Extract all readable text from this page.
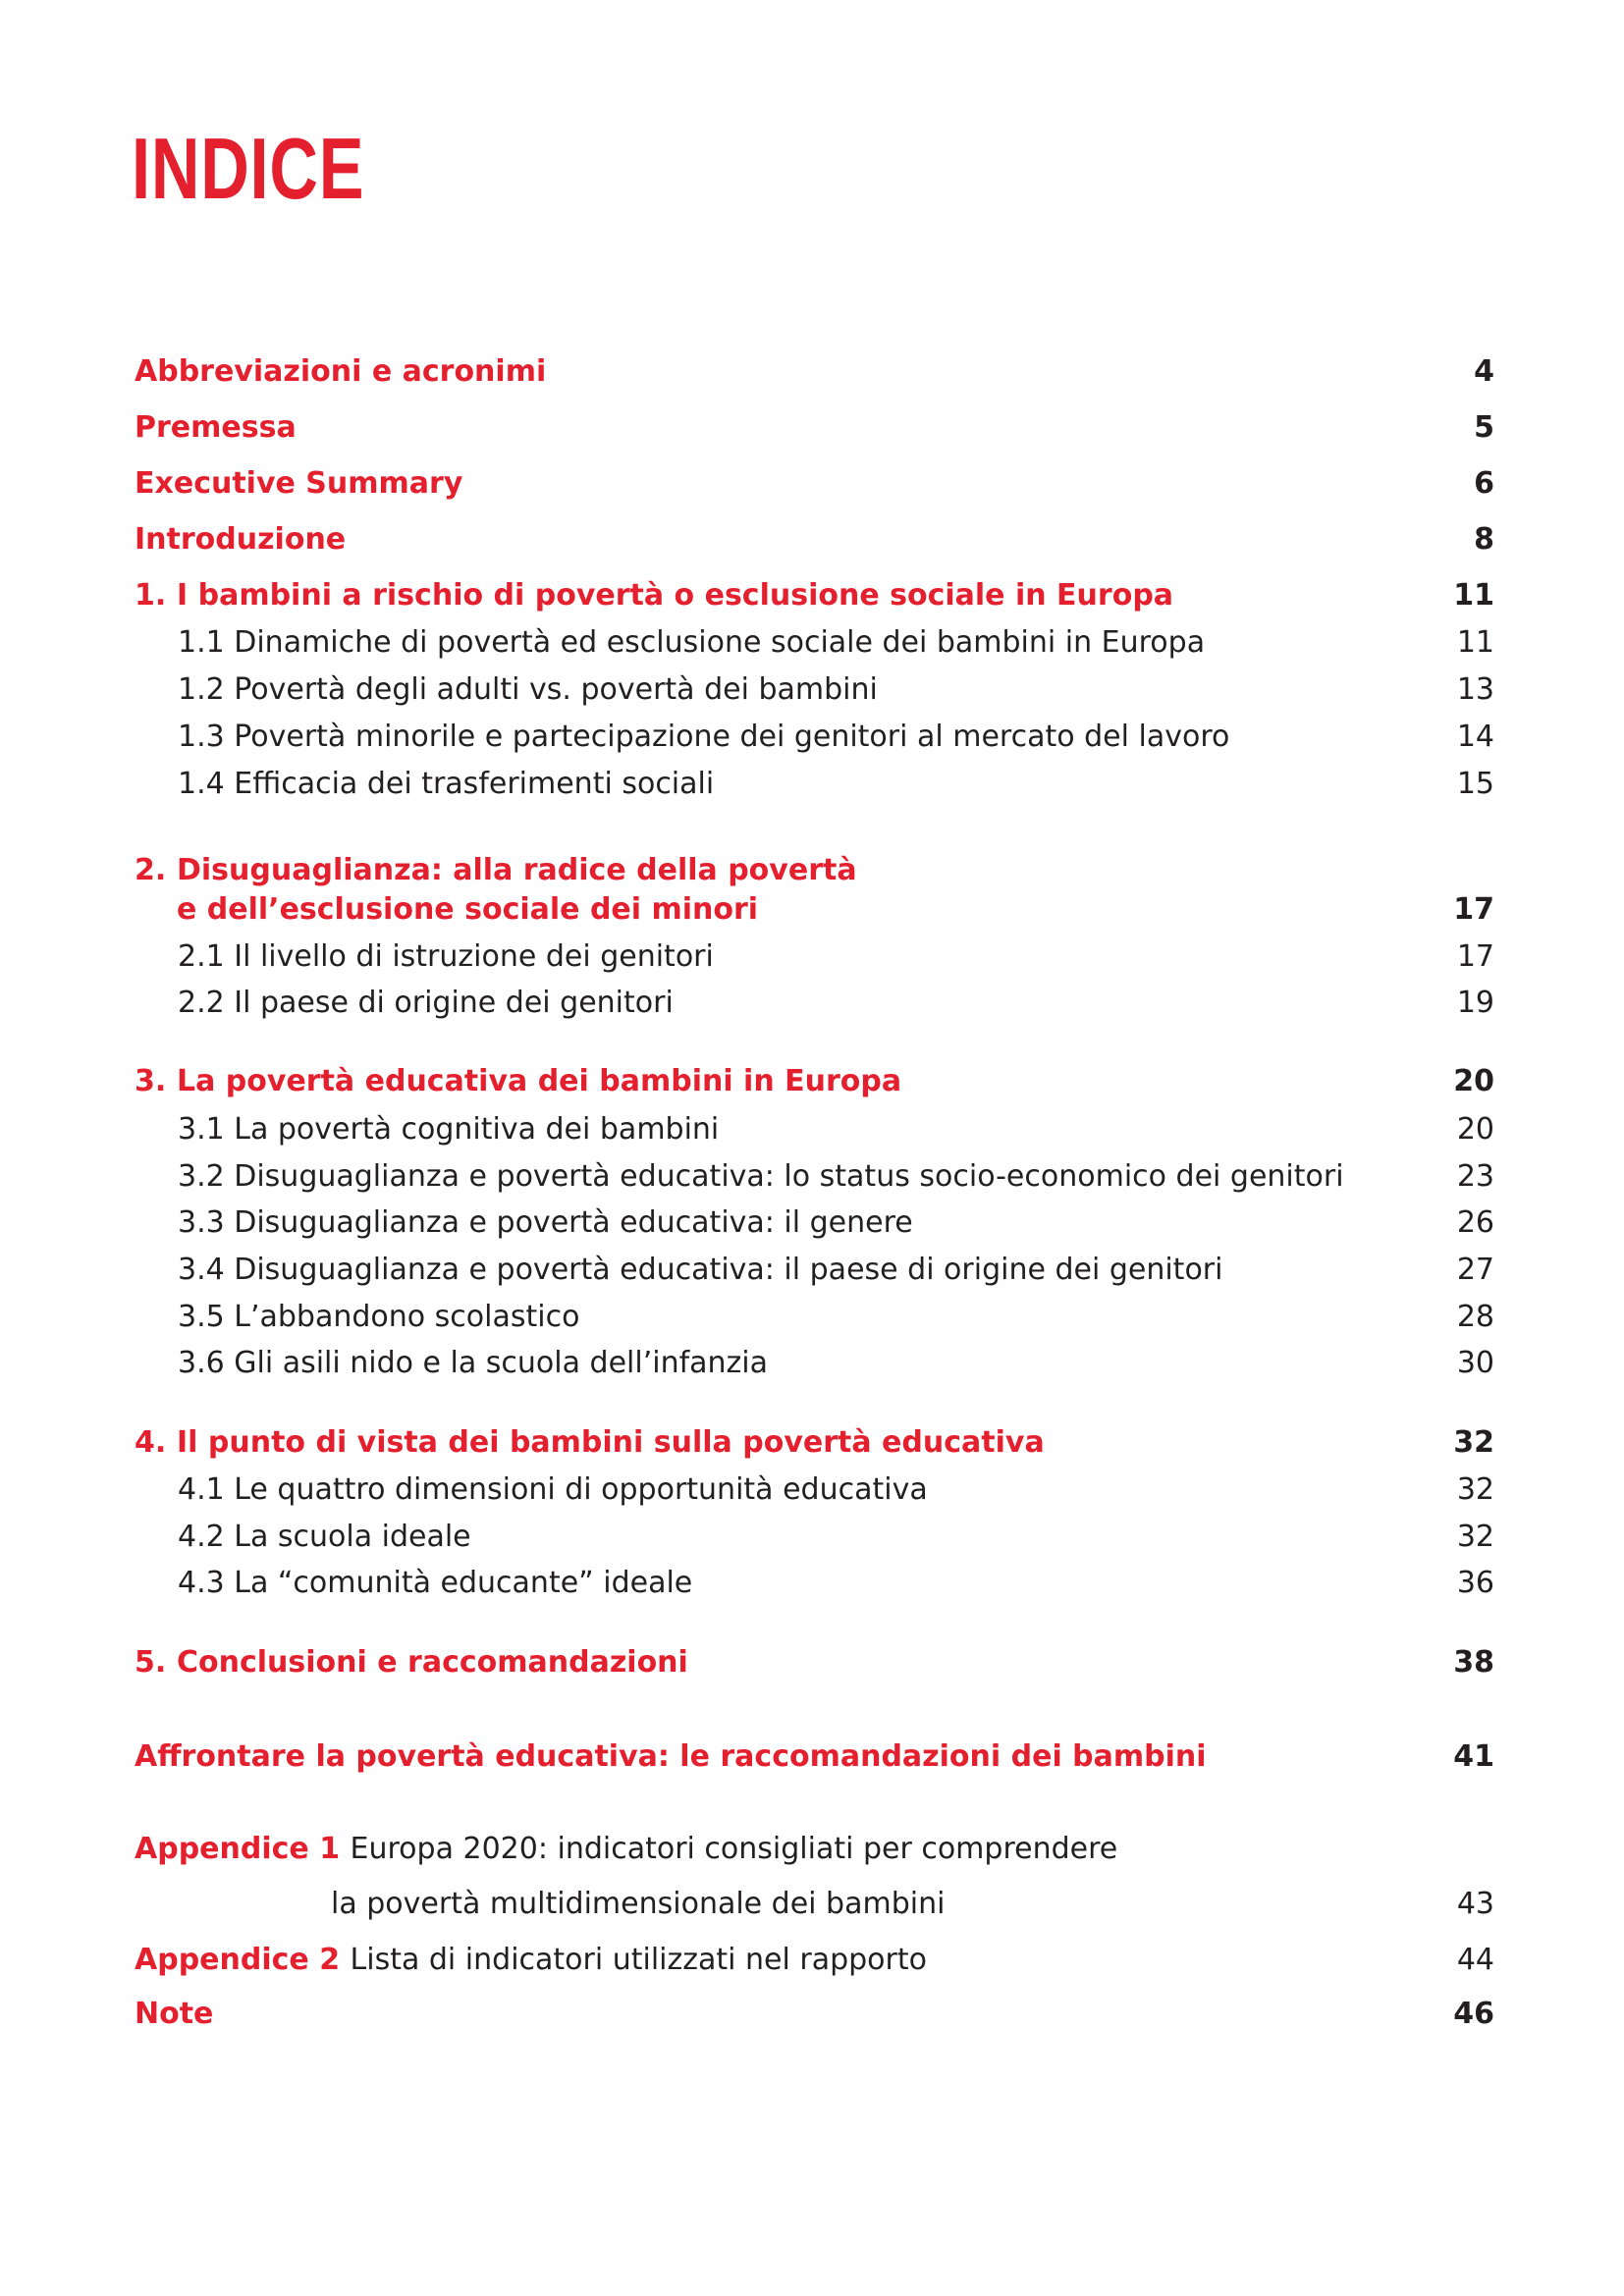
INDICE
Abbreviazioni e acronimi	4
Premessa	5
Executive Summary	6
Introduzione	8
1. I bambini a rischio di povertà o esclusione sociale in Europa	11
1.1 Dinamiche di povertà ed esclusione sociale dei bambini in Europa	11
1.2 Povertà degli adulti vs. povertà dei bambini	13
1.3 Povertà minorile e partecipazione dei genitori al mercato del lavoro	14
1.4 Efficacia dei trasferimenti sociali	15
2. Disuguaglianza: alla radice della povertà
e dell’esclusione sociale dei minori	17
2.1 Il livello di istruzione dei genitori	17
2.2 Il paese di origine dei genitori	19
3. La povertà educativa dei bambini in Europa	20
3.1 La povertà cognitiva dei bambini	20
3.2 Disuguaglianza e povertà educativa: lo status socio-economico dei genitori	23
3.3 Disuguaglianza e povertà educativa: il genere	26
3.4 Disuguaglianza e povertà educativa: il paese di origine dei genitori	27
3.5 L’abbandono scolastico	28
3.6 Gli asili nido e la scuola dell’infanzia	30
4. Il punto di vista dei bambini sulla povertà educativa	32
4.1 Le quattro dimensioni di opportunità educativa	32
4.2 La scuola ideale	32
4.3 La “comunità educante” ideale	36
5. Conclusioni e raccomandazioni	38
Affrontare la povertà educativa: le raccomandazioni dei bambini	41
Appendice 1 Europa 2020: indicatori consigliati per comprendere
la povertà multidimensionale dei bambini	43
Appendice 2 Lista di indicatori utilizzati nel rapporto	44
Note	46
